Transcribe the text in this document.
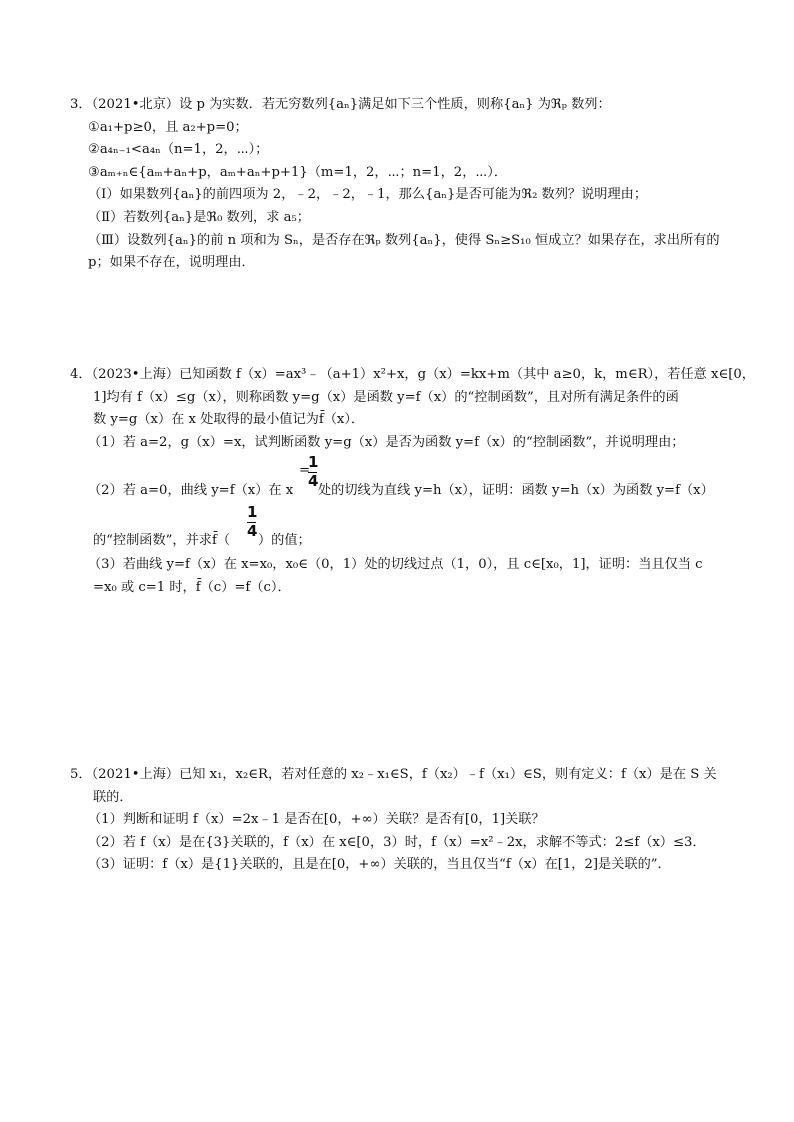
3．（2021•北京）设 p 为实数．若无穷数列{aₙ}满足如下三个性质，则称{aₙ} 为ℜₚ 数列：
①a₁+p≥0，且 a₂+p=0；
②a₄ₙ₋₁<a₄ₙ（n=1，2，⋯）；
③aₘ₊ₙ∈{aₘ+aₙ+p，aₘ+aₙ+p+1}（m=1，2，⋯；n=1，2，⋯）．
（Ⅰ）如果数列{aₙ}的前四项为 2，﹣2，﹣2，﹣1，那么{aₙ}是否可能为ℜ₂ 数列？说明理由；
（Ⅱ）若数列{aₙ}是ℜ₀ 数列，求 a₅；
（Ⅲ）设数列{aₙ}的前 n 项和为 Sₙ，是否存在ℜₚ 数列{aₙ}，使得 Sₙ≥S₁₀ 恒成立？如果存在，求出所有的
p；如果不存在，说明理由．
4．（2023•上海）已知函数 f（x）=ax³﹣（a+1）x²+x，g（x）=kx+m（其中 a≥0，k，m∈R），若任意 x∈[0，
1]均有 f（x）≤g（x），则称函数 y=g（x）是函数 y=f（x）的“控制函数”，且对所有满足条件的函
数 y=g（x）在 x 处取得的最小值记为f̄（x）．
（1）若 a=2，g（x）=x，试判断函数 y=g（x）是否为函数 y=f（x）的“控制函数”，并说明理由；
（2）若 a=0，曲线 y=f（x）在 x
=
1
4
处的切线为直线 y=h（x），证明：函数 y=h（x）为函数 y=f（x）
的“控制函数”，并求f̄（
1
4
）的值；
（3）若曲线 y=f（x）在 x=x₀，x₀∈（0，1）处的切线过点（1，0），且 c∈[x₀，1]，证明：当且仅当 c
=x₀ 或 c=1 时，f̄（c）=f（c）．
5．（2021•上海）已知 x₁，x₂∈R，若对任意的 x₂﹣x₁∈S，f（x₂）﹣f（x₁）∈S，则有定义：f（x）是在 S 关
联的．
（1）判断和证明 f（x）=2x﹣1 是否在[0，+∞）关联？是否有[0，1]关联？
（2）若 f（x）是在{3}关联的，f（x）在 x∈[0，3）时，f（x）=x²﹣2x，求解不等式：2≤f（x）≤3．
（3）证明：f（x）是{1}关联的，且是在[0，+∞）关联的，当且仅当“f（x）在[1，2]是关联的”．
